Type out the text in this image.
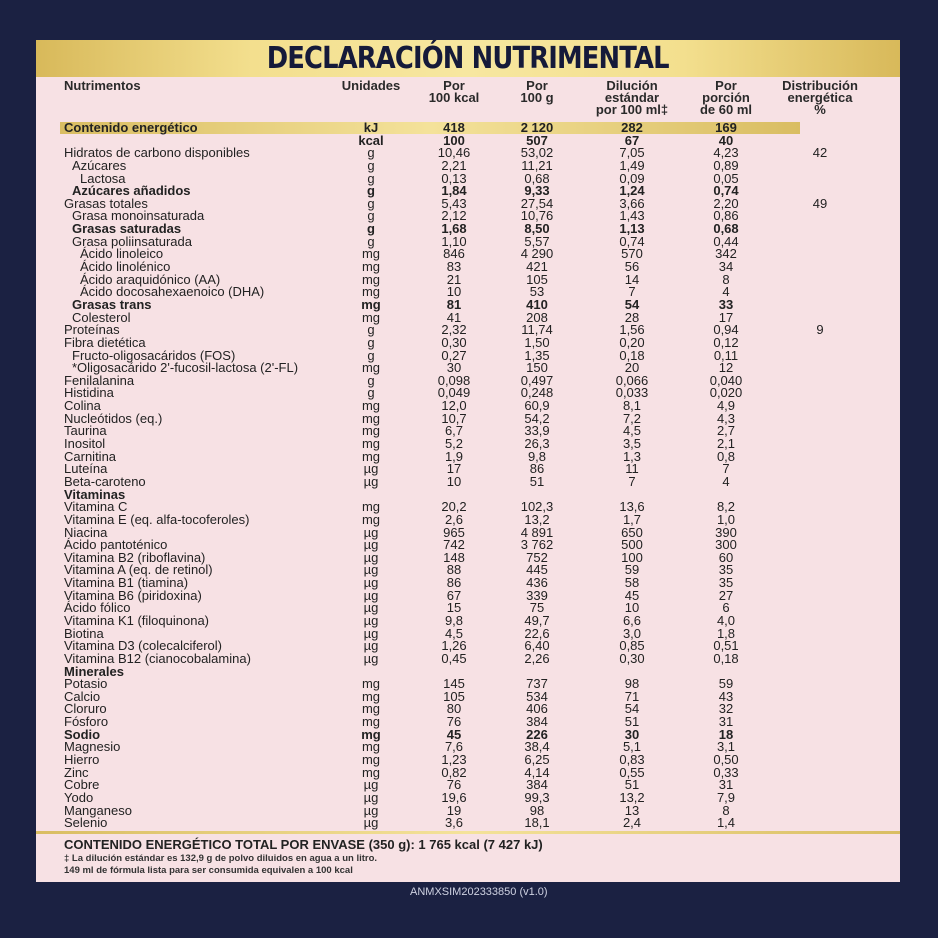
DECLARACIÓN NUTRIMENTAL
Nutrimentos	Unidades	Por
100 kcal
Por
100 g
Dilución
estándar
por 100 ml‡
Por
porción
de 60 ml
Distribución
energética
%
Contenido energético	kJ	418	2 120	282	169
kcal	100	507	67	40
Hidratos de carbono disponibles	g	10,46	53,02	7,05	4,23	42
Azúcares	g	2,21	11,21	1,49	0,89
Lactosa	g	0,13	0,68	0,09	0,05
Azúcares añadidos	g	1,84	9,33	1,24	0,74
Grasas totales	g	5,43	27,54	3,66	2,20	49
Grasa monoinsaturada	g	2,12	10,76	1,43	0,86
Grasas saturadas	g	1,68	8,50	1,13	0,68
Grasa poliinsaturada	g	1,10	5,57	0,74	0,44
Ácido linoleico	mg	846	4 290	570	342
Ácido linolénico	mg	83	421	56	34
Ácido araquidónico (AA)	mg	21	105	14	8
Ácido docosahexaenoico (DHA)	mg	10	53	7	4
Grasas trans	mg	81	410	54	33
Colesterol	mg	41	208	28	17
Proteínas	g	2,32	11,74	1,56	0,94	9
Fibra dietética	g	0,30	1,50	0,20	0,12
Fructo-oligosacáridos (FOS)	g	0,27	1,35	0,18	0,11
*Oligosacárido 2'-fucosil-lactosa (2'-FL)	mg	30	150	20	12
Fenilalanina	g	0,098	0,497	0,066	0,040
Histidina	g	0,049	0,248	0,033	0,020
Colina	mg	12,0	60,9	8,1	4,9
Nucleótidos (eq.)	mg	10,7	54,2	7,2	4,3
Taurina	mg	6,7	33,9	4,5	2,7
Inositol	mg	5,2	26,3	3,5	2,1
Carnitina	mg	1,9	9,8	1,3	0,8
Luteína	µg	17	86	11	7
Beta-caroteno	µg	10	51	7	4
Vitaminas
Vitamina C	mg	20,2	102,3	13,6	8,2
Vitamina E (eq. alfa-tocoferoles)	mg	2,6	13,2	1,7	1,0
Niacina	µg	965	4 891	650	390
Ácido pantoténico	µg	742	3 762	500	300
Vitamina B2 (riboflavina)	µg	148	752	100	60
Vitamina A (eq. de retinol)	µg	88	445	59	35
Vitamina B1 (tiamina)	µg	86	436	58	35
Vitamina B6 (piridoxina)	µg	67	339	45	27
Ácido fólico	µg	15	75	10	6
Vitamina K1 (filoquinona)	µg	9,8	49,7	6,6	4,0
Biotina	µg	4,5	22,6	3,0	1,8
Vitamina D3 (colecalciferol)	µg	1,26	6,40	0,85	0,51
Vitamina B12 (cianocobalamina)	µg	0,45	2,26	0,30	0,18
Minerales
Potasio	mg	145	737	98	59
Calcio	mg	105	534	71	43
Cloruro	mg	80	406	54	32
Fósforo	mg	76	384	51	31
Sodio	mg	45	226	30	18
Magnesio	mg	7,6	38,4	5,1	3,1
Hierro	mg	1,23	6,25	0,83	0,50
Zinc	mg	0,82	4,14	0,55	0,33
Cobre	µg	76	384	51	31
Yodo	µg	19,6	99,3	13,2	7,9
Manganeso	µg	19	98	13	8
Selenio	µg	3,6	18,1	2,4	1,4
CONTENIDO ENERGÉTICO TOTAL POR ENVASE (350 g): 1 765 kcal (7 427 kJ)
‡ La dilución estándar es 132,9 g de polvo diluidos en agua a un litro.
149 ml de fórmula lista para ser consumida equivalen a 100 kcal
ANMXSIM202333850 (v1.0)
